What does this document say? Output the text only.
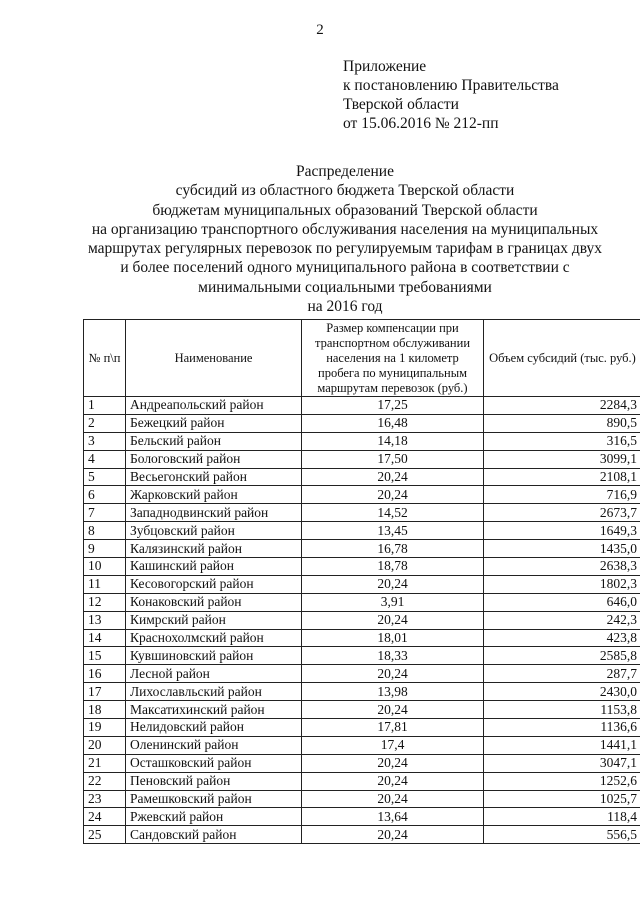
2
Приложение
к постановлению Правительства
Тверской области
от 15.06.2016 № 212-пп
Распределение
субсидий из областного бюджета Тверской области
бюджетам муниципальных образований Тверской области
на организацию транспортного обслуживания населения на муниципальных
маршрутах регулярных перевозок по регулируемым тарифам в границах двух
и более поселений одного муниципального района в соответствии с
минимальными социальными требованиями
на 2016 год
№ п\п	Наименование	Размер компенсации при транспортном обслуживании населения на 1 километр пробега по муниципальным маршрутам перевозок (руб.)	Объем субсидий (тыс. руб.)
1	Андреапольский район	17,25	2284,3
2	Бежецкий район	16,48	890,5
3	Бельский район	14,18	316,5
4	Бологовский район	17,50	3099,1
5	Весьегонский район	20,24	2108,1
6	Жарковский район	20,24	716,9
7	Западнодвинский район	14,52	2673,7
8	Зубцовский район	13,45	1649,3
9	Калязинский район	16,78	1435,0
10	Кашинский район	18,78	2638,3
11	Кесовогорский район	20,24	1802,3
12	Конаковский район	3,91	646,0
13	Кимрский район	20,24	242,3
14	Краснохолмский район	18,01	423,8
15	Кувшиновский район	18,33	2585,8
16	Лесной район	20,24	287,7
17	Лихославльский район	13,98	2430,0
18	Максатихинский район	20,24	1153,8
19	Нелидовский район	17,81	1136,6
20	Оленинский район	17,4	1441,1
21	Осташковский район	20,24	3047,1
22	Пеновский район	20,24	1252,6
23	Рамешковский район	20,24	1025,7
24	Ржевский район	13,64	118,4
25	Сандовский район	20,24	556,5
